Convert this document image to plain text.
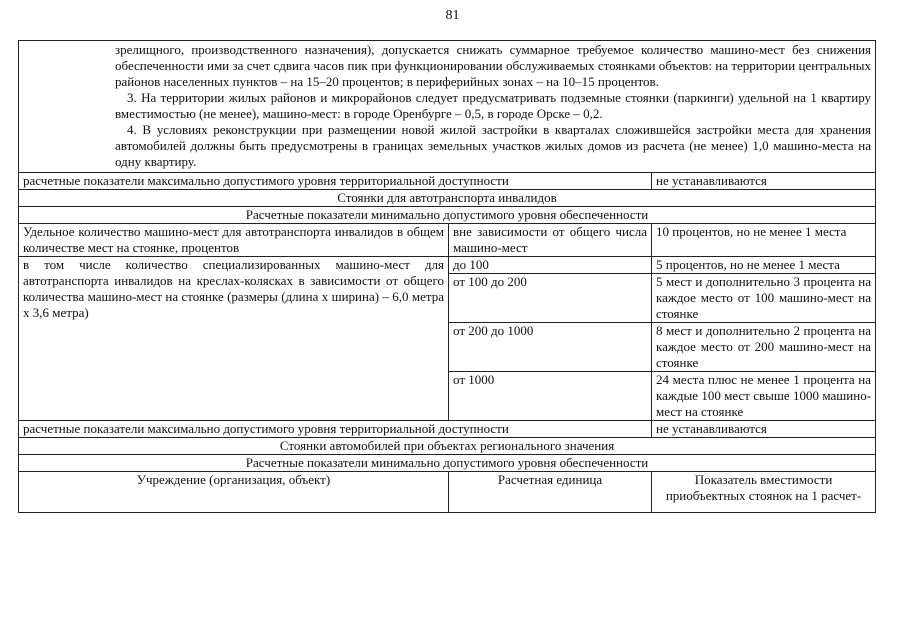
81

зрелищного, производственного назначения), допускается снижать суммарное требуемое количество машино-мест без снижения обеспеченности ими за счет сдвига часов пик при функционировании обслуживаемых стоянками объектов: на территории центральных районов населенных пунктов – на 15–20 процентов; в периферийных зонах – на 10–15 процентов.

3. На территории жилых районов и микрорайонов следует предусматривать подземные стоянки (паркинги) удельной на 1 квартиру вместимостью (не менее), машино-мест: в городе Оренбурге – 0,5, в городе Орске – 0,2.

4. В условиях реконструкции при размещении новой жилой застройки в кварталах сложившейся застройки места для хранения автомобилей должны быть предусмотрены в границах земельных участков жилых домов из расчета (не менее) 1,0 машино-места на одну квартиру.		

расчетные показатели максимально допустимого уровня территориальной доступности		не устанавливаются
Стоянки для автотранспорта инвалидов		
Расчетные показатели минимально допустимого уровня обеспеченности		
Удельное количество машино-мест для автотранспорта инвалидов в общем количестве мест на стоянке, процентов	вне зависимости от общего числа машино-мест	10 процентов, но не менее 1 места
в том числе количество специализированных машино-мест для автотранспорта инвалидов на креслах-колясках в зависимости от общего количества машино-мест на стоянке (размеры (длина х ширина) – 6,0 метра х 3,6 метра)	до 100	5 процентов, но не менее 1 места
	от 100 до 200	5 мест и дополнительно 3 процента на каждое место от 100 машино-мест на стоянке
	от 200 до 1000	8 мест и дополнительно 2 процента на каждое место от 200 машино-мест на стоянке
	от 1000	24 места плюс не менее 1 процента на каждые 100 мест свыше 1000 машино-мест на стоянке
расчетные показатели максимально допустимого уровня территориальной доступности		не устанавливаются
Стоянки автомобилей при объектах регионального значения		
Расчетные показатели минимально допустимого уровня обеспеченности		
Учреждение (организация, объект)	Расчетная единица	Показатель вместимости приобъектных стоянок на 1 расчет-
